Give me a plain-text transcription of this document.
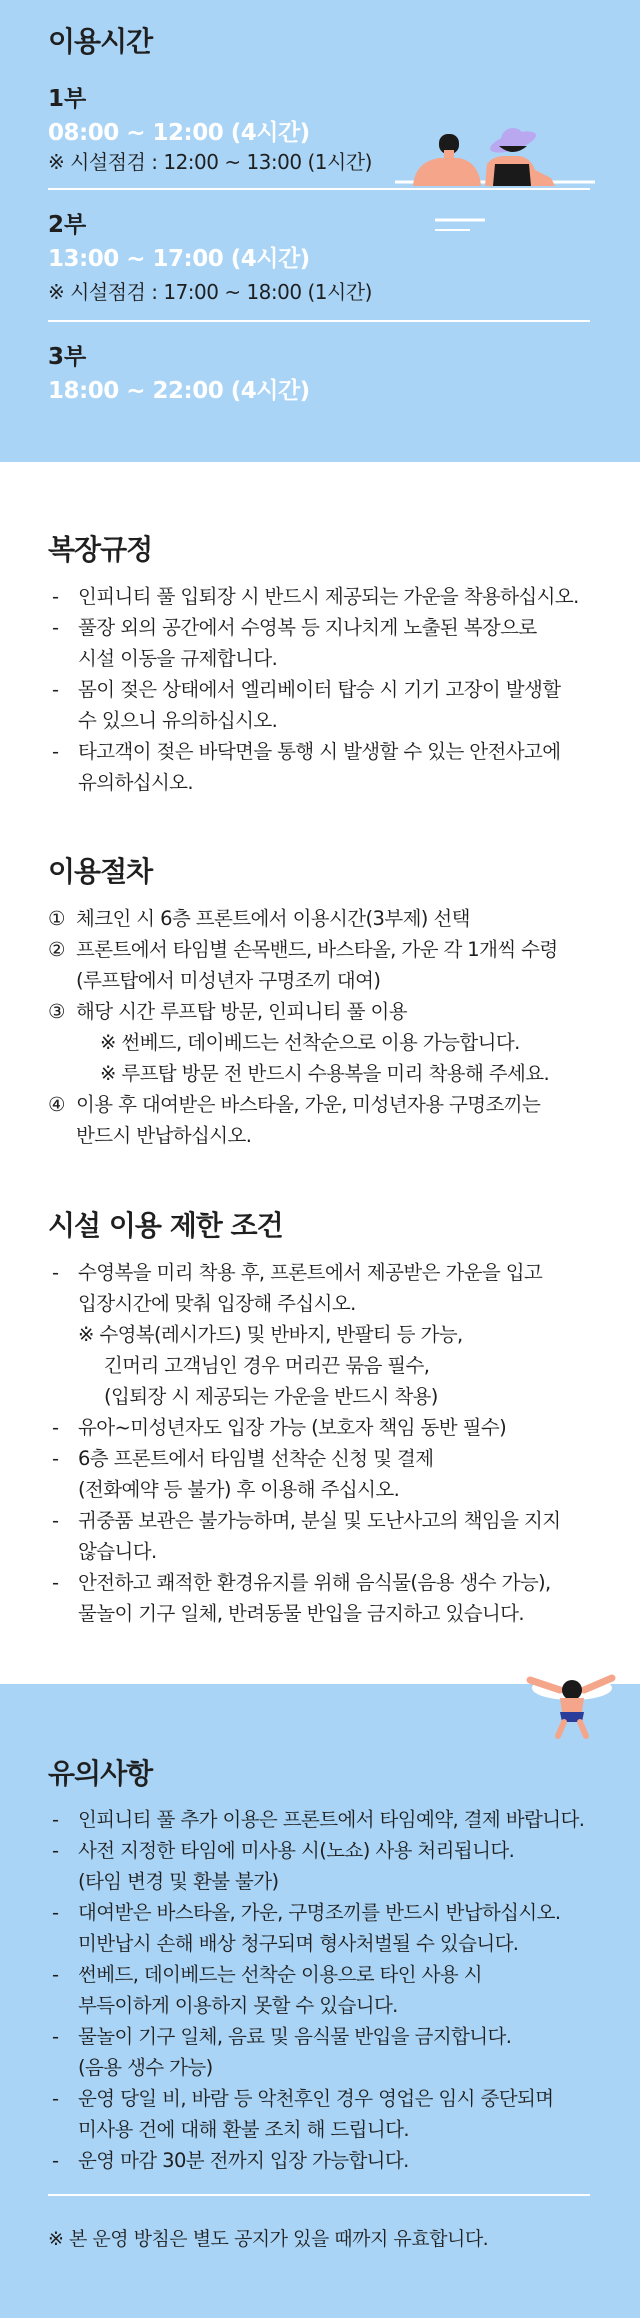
이용시간
1부
08:00 ~ 12:00 (4시간)
※ 시설점검 : 12:00 ~ 13:00 (1시간)
2부
13:00 ~ 17:00 (4시간)
※ 시설점검 : 17:00 ~ 18:00 (1시간)
3부
18:00 ~ 22:00 (4시간)
복장규정
- 인피니티 풀 입퇴장 시 반드시 제공되는 가운을 착용하십시오.
- 풀장 외의 공간에서 수영복 등 지나치게 노출된 복장으로
시설 이동을 규제합니다.
- 몸이 젖은 상태에서 엘리베이터 탑승 시 기기 고장이 발생할
수 있으니 유의하십시오.
- 타고객이 젖은 바닥면을 통행 시 발생할 수 있는 안전사고에
유의하십시오.
이용절차
① 체크인 시 6층 프론트에서 이용시간(3부제) 선택
② 프론트에서 타임별 손목밴드, 바스타올, 가운 각 1개씩 수령
(루프탑에서 미성년자 구명조끼 대여)
③ 해당 시간 루프탑 방문, 인피니티 풀 이용
※ 썬베드, 데이베드는 선착순으로 이용 가능합니다.
※ 루프탑 방문 전 반드시 수용복을 미리 착용해 주세요.
④ 이용 후 대여받은 바스타올, 가운, 미성년자용 구명조끼는
반드시 반납하십시오.
시설 이용 제한 조건
- 수영복을 미리 착용 후, 프론트에서 제공받은 가운을 입고
입장시간에 맞춰 입장해 주십시오.
※ 수영복(레시가드) 및 반바지, 반팔티 등 가능,
긴머리 고객님인 경우 머리끈 묶음 필수,
(입퇴장 시 제공되는 가운을 반드시 착용)
- 유아~미성년자도 입장 가능 (보호자 책임 동반 필수)
- 6층 프론트에서 타임별 선착순 신청 및 결제
(전화예약 등 불가) 후 이용해 주십시오.
- 귀중품 보관은 불가능하며, 분실 및 도난사고의 책임을 지지
않습니다.
- 안전하고 쾌적한 환경유지를 위해 음식물(음용 생수 가능),
물놀이 기구 일체, 반려동물 반입을 금지하고 있습니다.
유의사항
- 인피니티 풀 추가 이용은 프론트에서 타임예약, 결제 바랍니다.
- 사전 지정한 타임에 미사용 시(노쇼) 사용 처리됩니다.
(타임 변경 및 환불 불가)
- 대여받은 바스타올, 가운, 구명조끼를 반드시 반납하십시오.
미반납시 손해 배상 청구되며 형사처벌될 수 있습니다.
- 썬베드, 데이베드는 선착순 이용으로 타인 사용 시
부득이하게 이용하지 못할 수 있습니다.
- 물놀이 기구 일체, 음료 및 음식물 반입을 금지합니다.
(음용 생수 가능)
- 운영 당일 비, 바람 등 악천후인 경우 영업은 임시 중단되며
미사용 건에 대해 환불 조치 해 드립니다.
- 운영 마감 30분 전까지 입장 가능합니다.
※ 본 운영 방침은 별도 공지가 있을 때까지 유효합니다.
